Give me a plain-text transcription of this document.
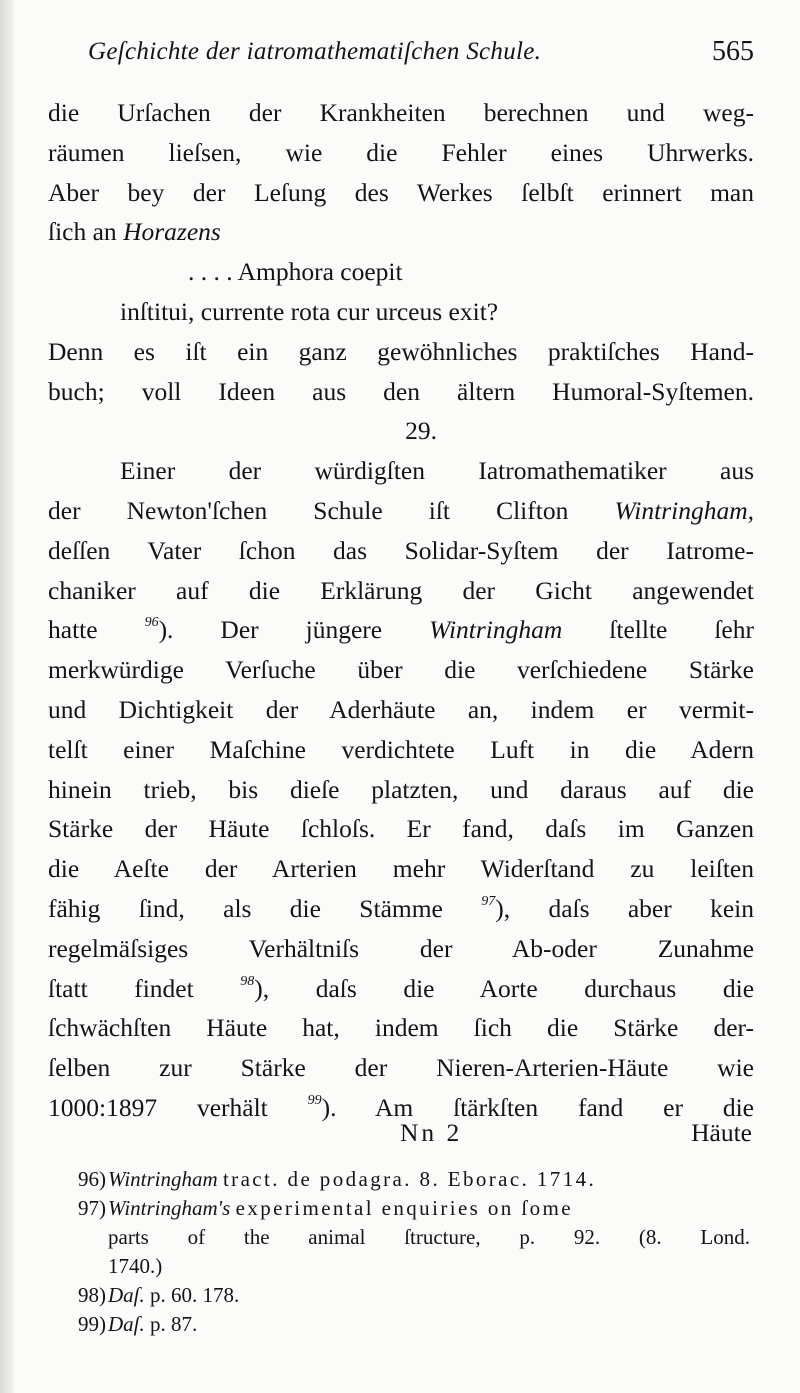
Geſchichte der iatromathematiſchen Schule.	565
die Urſachen der Krankheiten berechnen und weg-
räumen lieſsen, wie die Fehler eines Uhrwerks.
Aber bey der Leſung des Werkes ſelbſt erinnert man
ſich an Horazens
. . . . Amphora coepit
inſtitui, currente rota cur urceus exit?
Denn es iſt ein ganz gewöhnliches praktiſches Hand-
buch; voll Ideen aus den ältern Humoral-Syſtemen.
29.
Einer der würdigſten Iatromathematiker aus
der Newton'ſchen Schule iſt Clifton Wintringham,
deſſen Vater ſchon das Solidar-Syſtem der Iatrome-
chaniker auf die Erklärung der Gicht angewendet
hatte	$^{96}$). Der jüngere Wintringham ſtellte ſehr
merkwürdige Verſuche über die verſchiedene Stärke
und Dichtigkeit der Aderhäute an, indem er vermit-
telſt einer Maſchine verdichtete Luft in die Adern
hinein trieb, bis dieſe platzten, und daraus auf die
Stärke der Häute ſchloſs. Er fand, daſs im Ganzen
die Aeſte der Arterien mehr Widerſtand zu leiſten
fähig ſind, als die Stämme	$^{97}$), daſs aber kein
regelmäſsiges Verhältniſs der Ab-oder Zunahme
ſtatt findet	$^{98}$), daſs die Aorte durchaus die
ſchwächſten Häute hat, indem ſich die Stärke der-
ſelben zur Stärke der Nieren-Arterien-Häute wie
1000:1897 verhält	$^{99}$). Am ſtärkſten fand er die
Nn 2	Häute
96)Wintringham tract. de podagra. 8. Eborac. 1714.
97)Wintringham's experimental enquiries on ſome
parts of the animal ſtructure, p. 92. (8. Lond.
1740.)
98)Daſ. p. 60. 178.
99)Daſ. p. 87.
